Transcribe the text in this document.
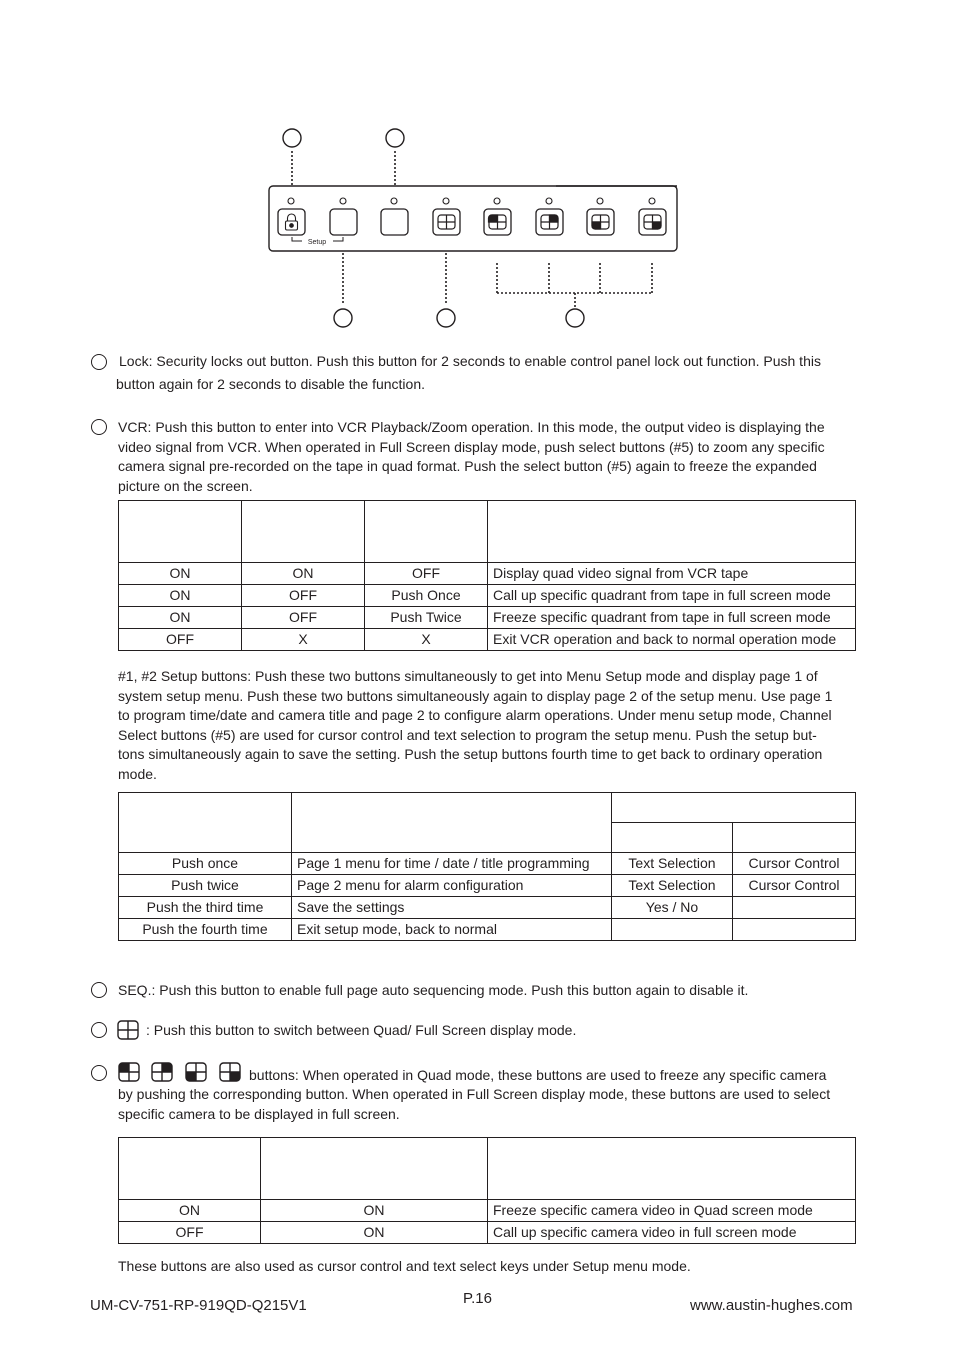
Setup
Lock: Security locks out button. Push this button for 2 seconds to enable control panel lock out function. Push this
button again for 2 seconds to disable the function.
VCR: Push this button to enter into VCR Playback/Zoom operation. In this mode, the output video is displaying the
video signal from VCR. When operated in Full Screen display mode, push select buttons (#5) to zoom any specific
camera signal pre-recorded on the tape in quad format. Push the select button (#5) again to freeze the expanded
picture on the screen.

ON	ON	OFF	Display quad video signal from VCR tape
ON	OFF	Push Once	Call up specific quadrant from tape in full screen mode
ON	OFF	Push Twice	Freeze specific quadrant from tape in full screen mode
OFF	X	X	Exit VCR operation and back to normal operation mode
#1, #2 Setup buttons: Push these two buttons simultaneously to get into Menu Setup mode and display page 1 of
system setup menu. Push these two buttons simultaneously again to display page 2 of the setup menu. Use page 1
to program time/date and camera title and page 2 to configure alarm operations. Under menu setup mode, Channel
Select buttons (#5) are used for cursor control and text selection to program the setup menu. Push the setup but-
tons simultaneously again to save the setting. Push the setup buttons fourth time to get back to ordinary operation
mode.

Push once	Page 1 menu for time / date / title programming	Text Selection	Cursor Control
Push twice	Page 2 menu for alarm configuration	Text Selection	Cursor Control
Push the third time	Save the settings	Yes / No	
Push the fourth time	Exit setup mode, back to normal		
SEQ.: Push this button to enable full page auto sequencing mode. Push this button again to disable it.
: Push this button to switch between Quad/ Full Screen display mode.
buttons: When operated in Quad mode, these buttons are used to freeze any specific camera
by pushing the corresponding button. When operated in Full Screen display mode, these buttons are used to select
specific camera to be displayed in full screen.

ON	ON	Freeze specific camera video in Quad screen mode
OFF	ON	Call up specific camera video in full screen mode
These buttons are also used as cursor control and text select keys under Setup menu mode.
UM-CV-751-RP-919QD-Q215V1	P.16	www.austin-hughes.com
